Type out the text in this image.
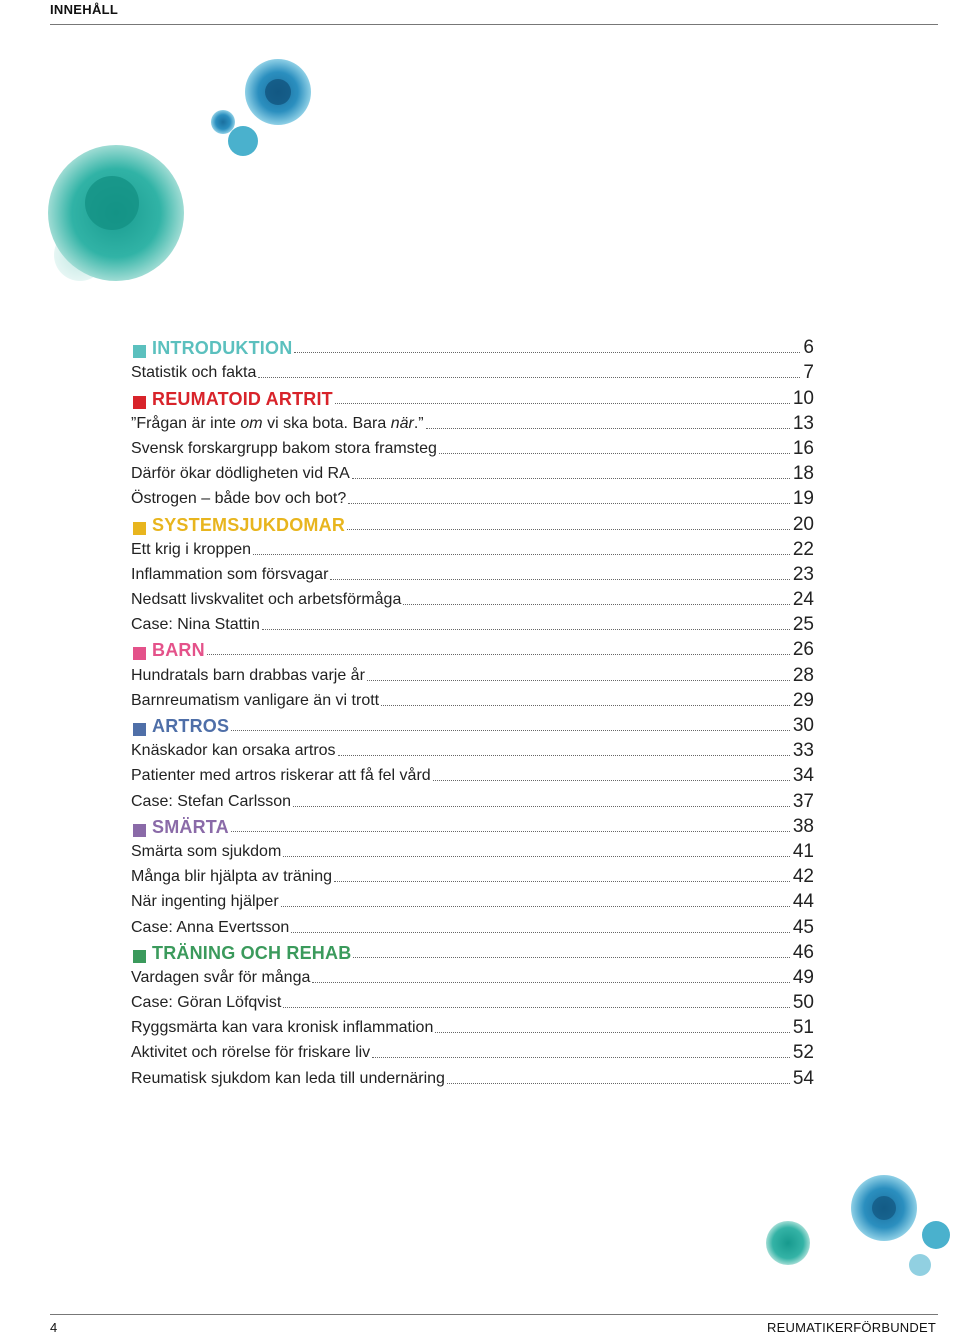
INNEHÅLL
INTRODUKTION	6
Statistik och fakta	7
REUMATOID ARTRIT	10
”Frågan är inte om vi ska bota. Bara när.”	13
Svensk forskargrupp bakom stora framsteg	16
Därför ökar dödligheten vid RA	18
Östrogen – både bov och bot?	19
SYSTEMSJUKDOMAR	20
Ett krig i kroppen	22
Inflammation som försvagar	23
Nedsatt livskvalitet och arbetsförmåga	24
Case: Nina Stattin	25
BARN	26
Hundratals barn drabbas varje år	28
Barnreumatism vanligare än vi trott	29
ARTROS	30
Knäskador kan orsaka artros	33
Patienter med artros riskerar att få fel vård	34
Case: Stefan Carlsson	37
SMÄRTA	38
Smärta som sjukdom	41
Många blir hjälpta av träning	42
När ingenting hjälper	44
Case: Anna Evertsson	45
TRÄNING OCH REHAB	46
Vardagen svår för många	49
Case: Göran Löfqvist	50
Ryggsmärta kan vara kronisk inflammation	51
Aktivitet och rörelse för friskare liv	52
Reumatisk sjukdom kan leda till undernäring	54
4	REUMATIKERFÖRBUNDET
